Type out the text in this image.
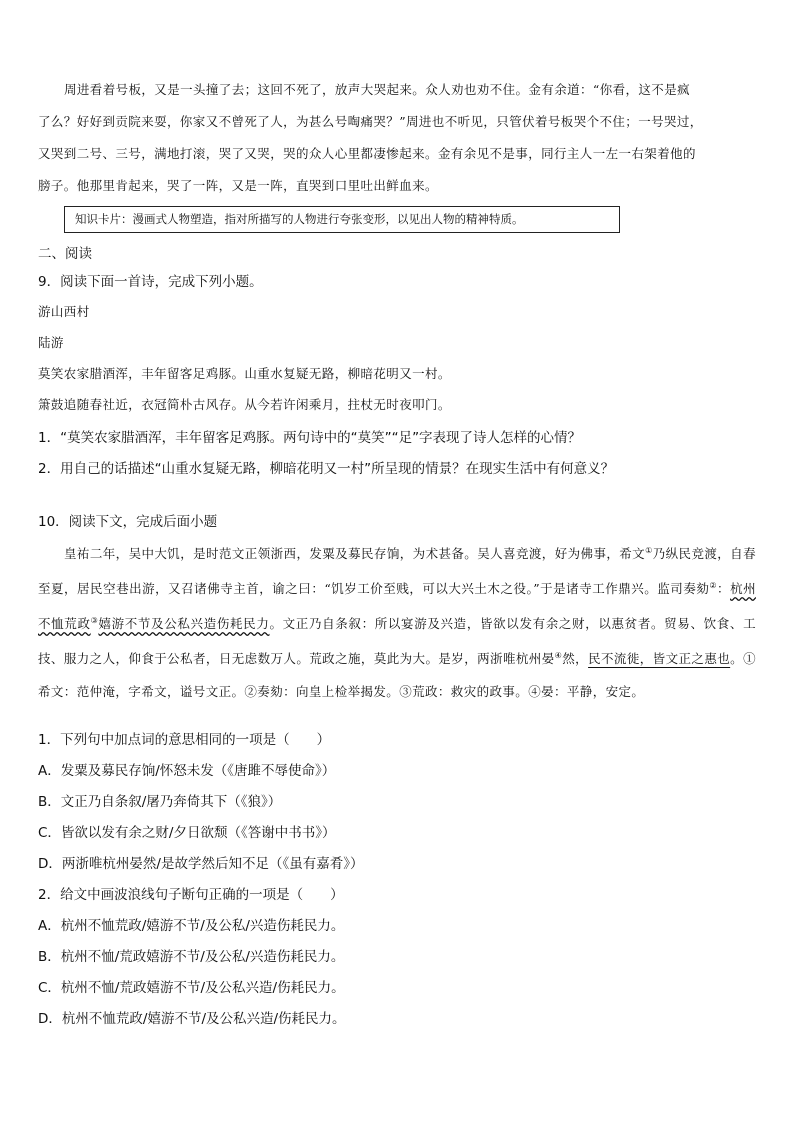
周进看着号板，又是一头撞了去；这回不死了，放声大哭起来。众人劝也劝不住。金有余道：“你看，这不是疯
了么？好好到贡院来耍，你家又不曾死了人，为甚么号啕痛哭？”周进也不听见，只管伏着号板哭个不住；一号哭过，
又哭到二号、三号，满地打滚，哭了又哭，哭的众人心里都凄惨起来。金有余见不是事，同行主人一左一右架着他的
膀子。他那里肯起来，哭了一阵，又是一阵，直哭到口里吐出鲜血来。
知识卡片：漫画式人物塑造，指对所描写的人物进行夸张变形，以见出人物的精神特质。
二、阅读
9．阅读下面一首诗，完成下列小题。
游山西村
陆游
莫笑农家腊酒浑，丰年留客足鸡豚。山重水复疑无路，柳暗花明又一村。
箫鼓追随春社近，衣冠简朴古风存。从今若许闲乘月，拄杖无时夜叩门。
1．“莫笑农家腊酒浑，丰年留客足鸡豚。两句诗中的“莫笑”“足”字表现了诗人怎样的心情？
2．用自己的话描述“山重水复疑无路，柳暗花明又一村”所呈现的情景？在现实生活中有何意义？
10．阅读下文，完成后面小题

皇祐二年，吴中大饥，是时范文正领浙西，发粟及募民存饷，为术甚备。吴人喜竞渡，好为佛事，希文①乃纵民竞渡，自春至夏，居民空巷出游，又召诸佛寺主首，谕之曰：“饥岁工价至贱，可以大兴土木之役。”于是诸寺工作鼎兴。监司奏劾②：杭州不恤荒政③嬉游不节及公私兴造伤耗民力。文正乃自条叙：所以宴游及兴造，皆欲以发有余之财，以惠贫者。贸易、饮食、工技、服力之人，仰食于公私者，日无虑数万人。荒政之施，莫此为大。是岁，两浙唯杭州晏④然，民不流徙，皆文正之惠也。①希文：范仲淹，字希文，谥号文正。②奏劾：向皇上检举揭发。③荒政：救灾的政事。④晏：平静，安定。

1．下列句中加点词的意思相同的一项是（　　）
A．发粟及募民存饷/怀怒未发（《唐雎不辱使命》）
B．文正乃自条叙/屠乃奔倚其下（《狼》）
C．皆欲以发有余之财/夕日欲颓（《答谢中书书》）
D．两浙唯杭州晏然/是故学然后知不足（《虽有嘉肴》）
2．给文中画波浪线句子断句正确的一项是（　　）
A．杭州不恤荒政/嬉游不节/及公私/兴造伤耗民力。
B．杭州不恤/荒政嬉游不节/及公私/兴造伤耗民力。
C．杭州不恤/荒政嬉游不节/及公私兴造/伤耗民力。
D．杭州不恤荒政/嬉游不节/及公私兴造/伤耗民力。
